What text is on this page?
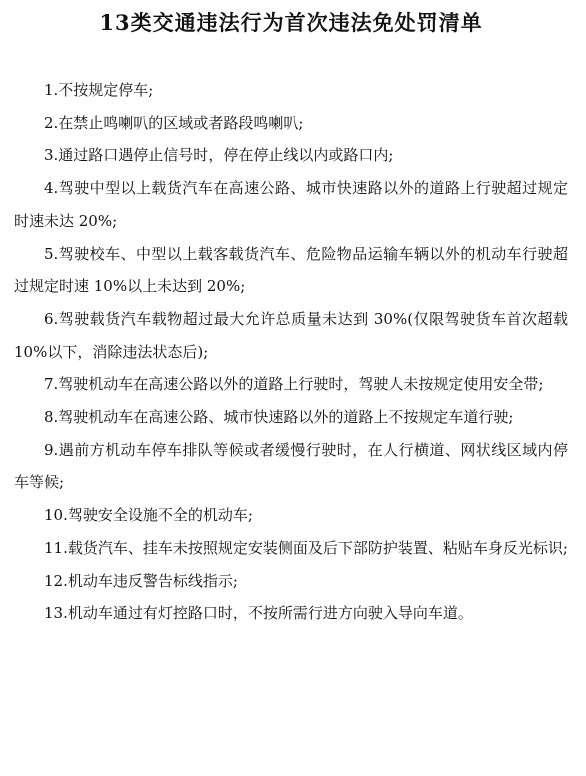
13类交通违法行为首次违法免处罚清单
1.不按规定停车;
2.在禁止鸣喇叭的区域或者路段鸣喇叭;
3.通过路口遇停止信号时，停在停止线以内或路口内;
4.驾驶中型以上载货汽车在高速公路、城市快速路以外的道路上行驶超过规定时速未达 20%;
5.驾驶校车、中型以上载客载货汽车、危险物品运输车辆以外的机动车行驶超过规定时速 10%以上未达到 20%;
6.驾驶载货汽车载物超过最大允许总质量未达到 30%(仅限驾驶货车首次超载 10%以下，消除违法状态后);
7.驾驶机动车在高速公路以外的道路上行驶时，驾驶人未按规定使用安全带;
8.驾驶机动车在高速公路、城市快速路以外的道路上不按规定车道行驶;
9.遇前方机动车停车排队等候或者缓慢行驶时，在人行横道、网状线区域内停车等候;
10.驾驶安全设施不全的机动车;
11.载货汽车、挂车未按照规定安装侧面及后下部防护装置、粘贴车身反光标识;
12.机动车违反警告标线指示;
13.机动车通过有灯控路口时，不按所需行进方向驶入导向车道。
